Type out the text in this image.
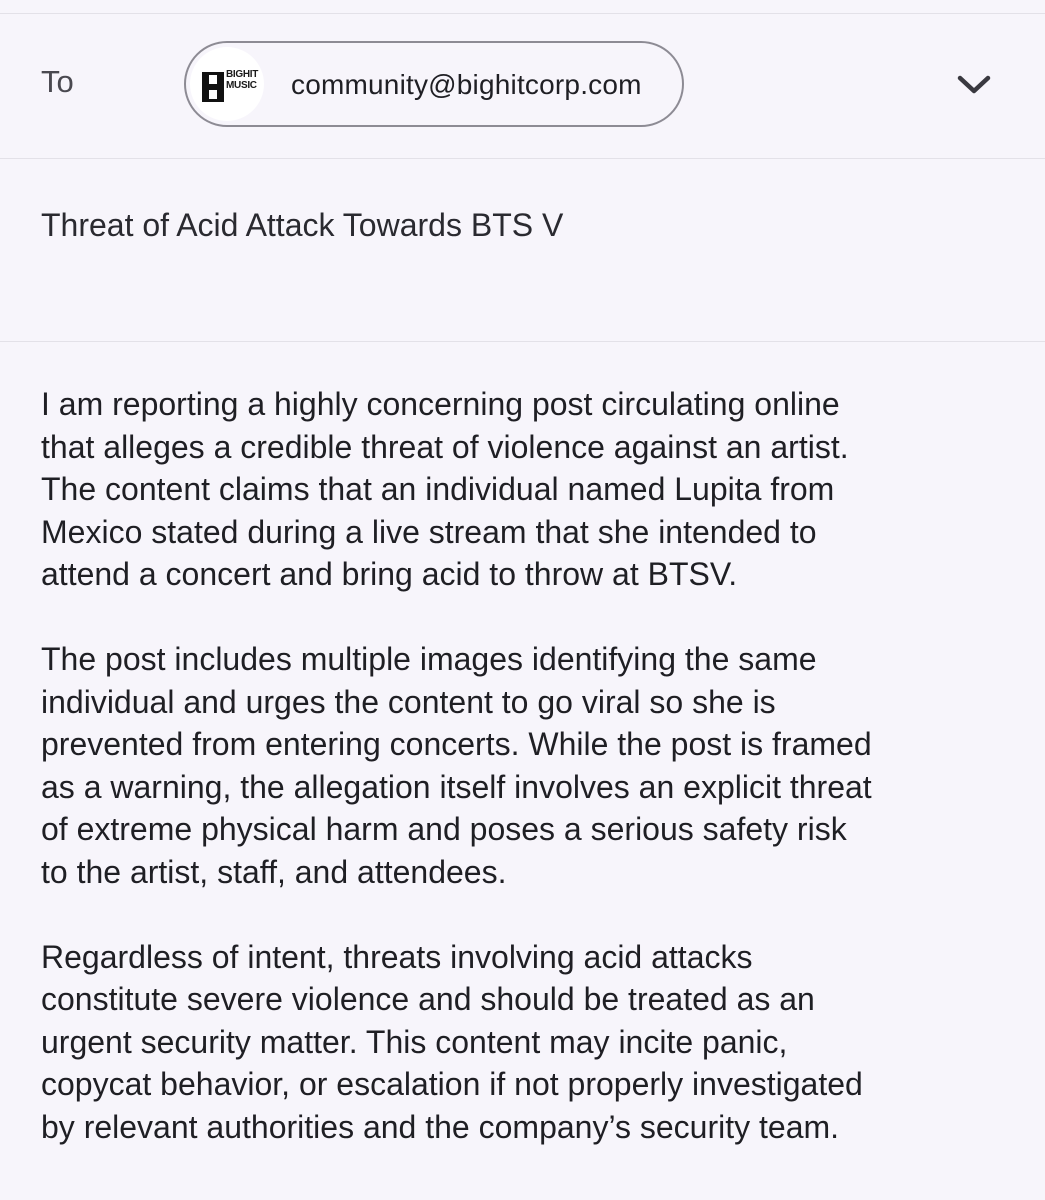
To	BIGHIT
MUSIC community@bighitcorp.com
Threat of Acid Attack Towards BTS V

I am reporting a highly concerning post circulating online
that alleges a credible threat of violence against an artist.
The content claims that an individual named Lupita from
Mexico stated during a live stream that she intended to
attend a concert and bring acid to throw at BTSV.

The post includes multiple images identifying the same
individual and urges the content to go viral so she is
prevented from entering concerts. While the post is framed
as a warning, the allegation itself involves an explicit threat
of extreme physical harm and poses a serious safety risk
to the artist, staff, and attendees.

Regardless of intent, threats involving acid attacks
constitute severe violence and should be treated as an
urgent security matter. This content may incite panic,
copycat behavior, or escalation if not properly investigated
by relevant authorities and the company’s security team.
